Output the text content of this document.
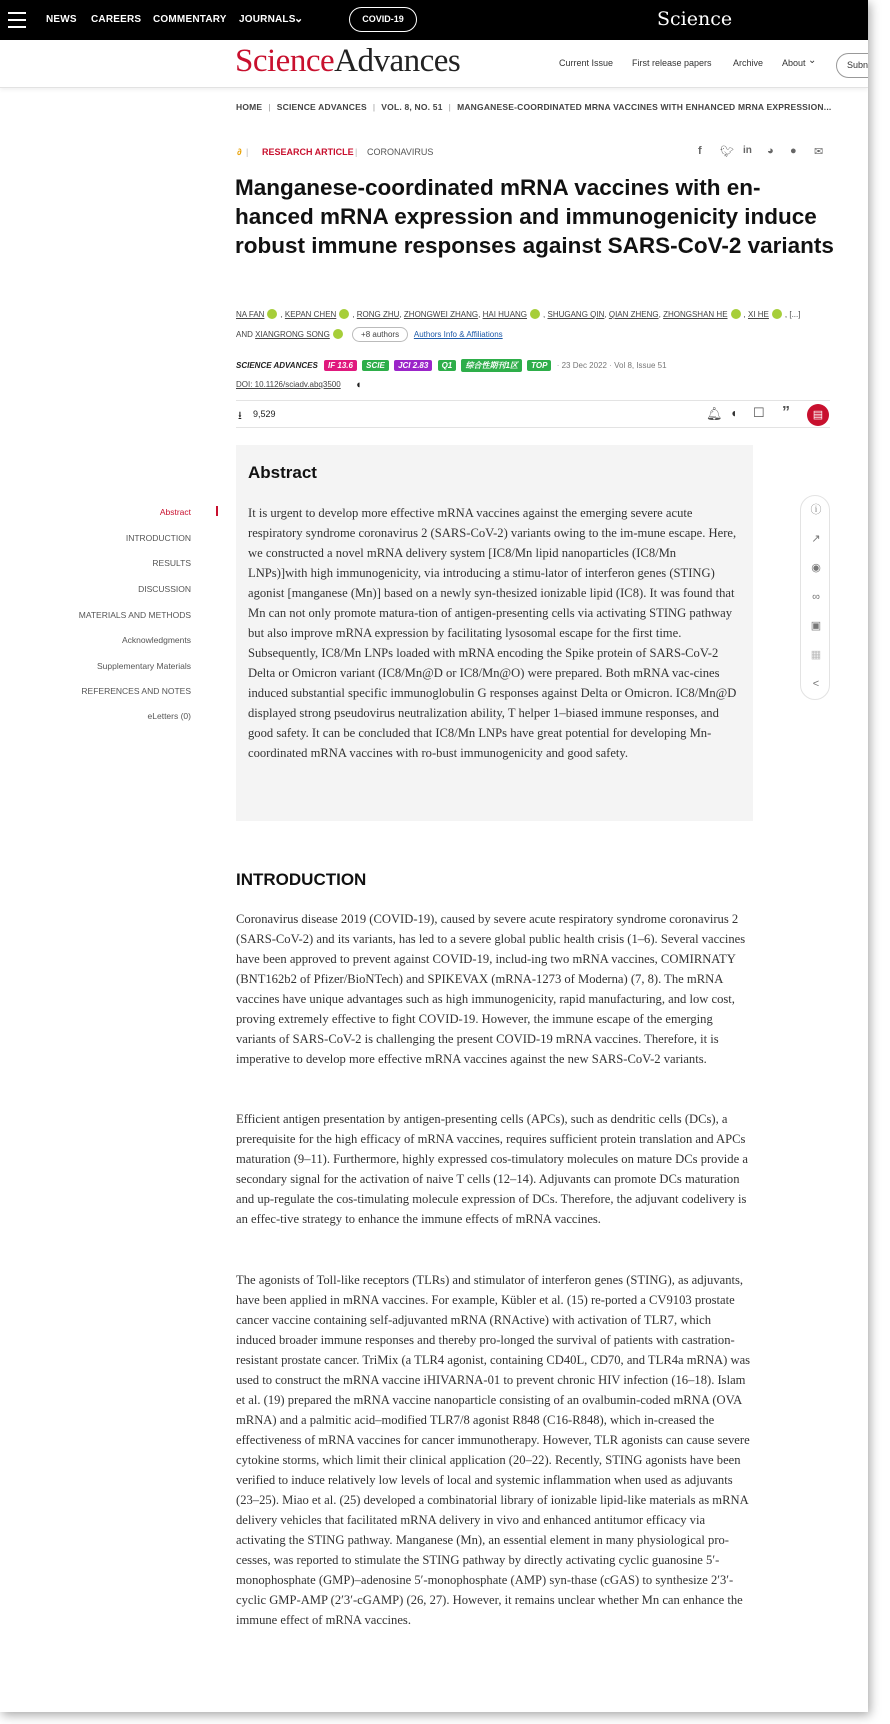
NEWS CAREERS COMMENTARY JOURNALS
⌄	COVID-19	Science
ScienceAdvances	Current Issue First release papers Archive About ⌄	Subn
HOME | SCIENCE ADVANCES | VOL. 8, NO. 51 | MANGANESE-COORDINATED MRNA VACCINES WITH ENHANCED MRNA EXPRESSION...
∂ | RESEARCH ARTICLE | CORONAVIRUS	f 🐦︎ in ◕ ● ✉
Manganese-coordinated mRNA vaccines with en-hanced mRNA expression and immunogenicity induce robust immune responses against SARS-CoV-2 variants
NA FAN , KEPAN CHEN , RONG ZHU, ZHONGWEI ZHANG, HAI HUANG , SHUGANG QIN, QIAN ZHENG, ZHONGSHAN HE , XI HE , [...]
AND XIANGRONG SONG	+8 authors Authors Info & Affiliations
SCIENCE ADVANCES IF 13.6 SCIE JCI 2.83 Q1 综合性期刊1区 TOP · 23 Dec 2022 · Vol 8, Issue 51
DOI: 10.1126/sciadv.abq3500 ◖
⭳ 9,529	🔔︎ ◖ ☐ ”	▤
Abstract
INTRODUCTION
RESULTS
DISCUSSION
MATERIALS AND METHODS
Acknowledgments
Supplementary Materials
REFERENCES AND NOTES
eLetters (0)
Abstract

It is urgent to develop more effective mRNA vaccines against the emerging severe acute respiratory syndrome coronavirus 2 (SARS-CoV-2) variants owing to the im-mune escape. Here, we constructed a novel mRNA delivery system [IC8/Mn lipid nanoparticles (IC8/Mn LNPs)]with high immunogenicity, via introducing a stimu-lator of interferon genes (STING) agonist [manganese (Mn)] based on a newly syn-thesized ionizable lipid (IC8). It was found that Mn can not only promote matura-tion of antigen-presenting cells via activating STING pathway but also improve mRNA expression by facilitating lysosomal escape for the first time. Subsequently, IC8/Mn LNPs loaded with mRNA encoding the Spike protein of SARS-CoV-2 Delta or Omicron variant (IC8/Mn@D or IC8/Mn@O) were prepared. Both mRNA vac-cines induced substantial specific immunoglobulin G responses against Delta or Omicron. IC8/Mn@D displayed strong pseudovirus neutralization ability, T helper 1–biased immune responses, and good safety. It can be concluded that IC8/Mn LNPs have great potential for developing Mn-coordinated mRNA vaccines with ro-bust immunogenicity and good safety.

ⓘ
↗
◉
∞
▣
▦
<
INTRODUCTION

Coronavirus disease 2019 (COVID-19), caused by severe acute respiratory syndrome coronavirus 2 (SARS-CoV-2) and its variants, has led to a severe global public health crisis (1–6). Several vaccines have been approved to prevent against COVID-19, includ-ing two mRNA vaccines, COMIRNATY (BNT162b2 of Pfizer/BioNTech) and SPIKEVAX (mRNA-1273 of Moderna) (7, 8). The mRNA vaccines have unique advantages such as high immunogenicity, rapid manufacturing, and low cost, proving extremely effective to fight COVID-19. However, the immune escape of the emerging variants of SARS-CoV-2 is challenging the present COVID-19 mRNA vaccines. Therefore, it is imperative to develop more effective mRNA vaccines against the new SARS-CoV-2 variants.

Efficient antigen presentation by antigen-presenting cells (APCs), such as dendritic cells (DCs), a prerequisite for the high efficacy of mRNA vaccines, requires sufficient protein translation and APCs maturation (9–11). Furthermore, highly expressed cos-timulatory molecules on mature DCs provide a secondary signal for the activation of naive T cells (12–14). Adjuvants can promote DCs maturation and up-regulate the cos-timulating molecule expression of DCs. Therefore, the adjuvant codelivery is an effec-tive strategy to enhance the immune effects of mRNA vaccines.

The agonists of Toll-like receptors (TLRs) and stimulator of interferon genes (STING), as adjuvants, have been applied in mRNA vaccines. For example, Kübler et al. (15) re-ported a CV9103 prostate cancer vaccine containing self-adjuvanted mRNA (RNActive) with activation of TLR7, which induced broader immune responses and thereby pro-longed the survival of patients with castration-resistant prostate cancer. TriMix (a TLR4 agonist, containing CD40L, CD70, and TLR4a mRNA) was used to construct the mRNA vaccine iHIVARNA-01 to prevent chronic HIV infection (16–18). Islam et al. (19) prepared the mRNA vaccine nanoparticle consisting of an ovalbumin-coded mRNA (OVA mRNA) and a palmitic acid–modified TLR7/8 agonist R848 (C16-R848), which in-creased the effectiveness of mRNA vaccines for cancer immunotherapy. However, TLR agonists can cause severe cytokine storms, which limit their clinical application (20–22). Recently, STING agonists have been verified to induce relatively low levels of local and systemic inflammation when used as adjuvants (23–25). Miao et al. (25) developed a combinatorial library of ionizable lipid-like materials as mRNA delivery vehicles that facilitated mRNA delivery in vivo and enhanced antitumor efficacy via activating the STING pathway. Manganese (Mn), an essential element in many physiological pro-cesses, was reported to stimulate the STING pathway by directly activating cyclic guanosine 5′-monophosphate (GMP)–adenosine 5′-monophosphate (AMP) syn-thase (cGAS) to synthesize 2′3′-cyclic GMP-AMP (2′3′-cGAMP) (26, 27). However, it remains unclear whether Mn can enhance the immune effect of mRNA vaccines.
